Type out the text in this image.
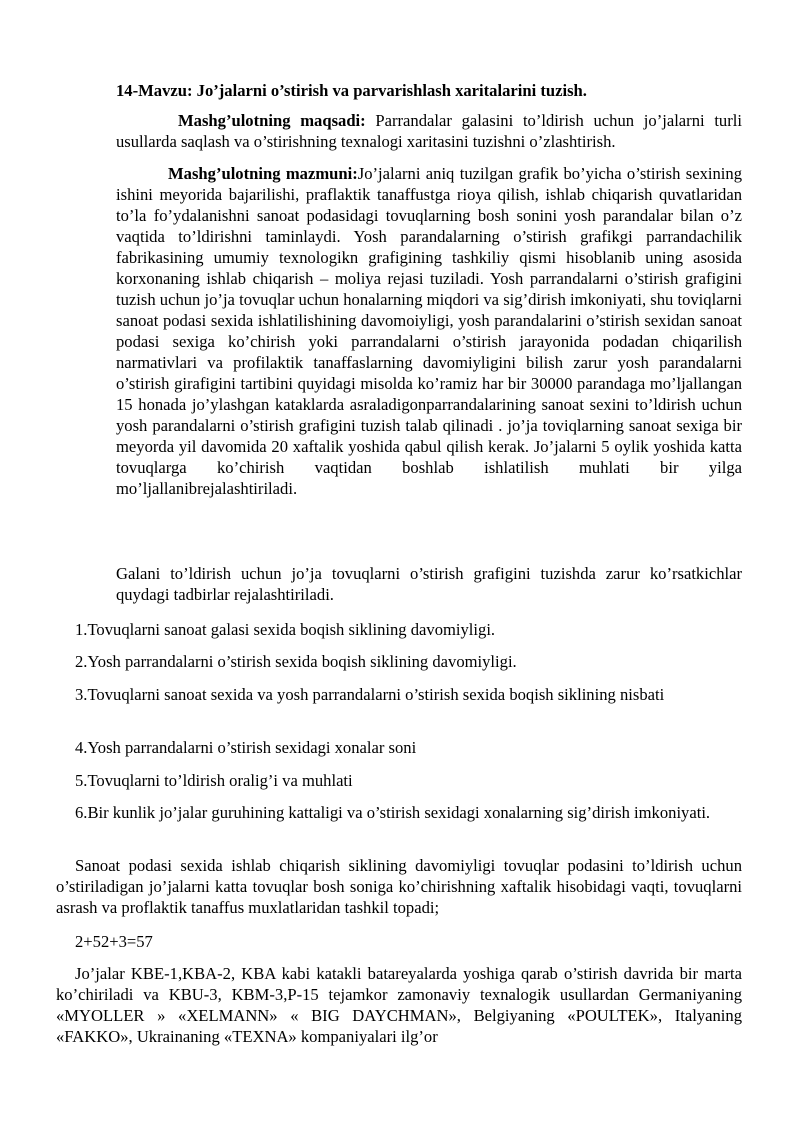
14-Mavzu: Jo’jalarni o’stirish va parvarishlash xaritalarini tuzish.

Mashg’ulotning maqsadi: Parrandalar galasini to’ldirish uchun jo’jalarni turli usullarda saqlash va o’stirishning texnalogi xaritasini tuzishni o’zlashtirish.

Mashg’ulotning mazmuni:Jo’jalarni aniq tuzilgan grafik bo’yicha o’stirish sexining ishini meyorida bajarilishi, praflaktik tanaffustga rioya qilish, ishlab chiqarish quvatlaridan to’la fo’ydalanishni sanoat podasidagi tovuqlarning bosh sonini yosh parandalar bilan o’z vaqtida to’ldirishni taminlaydi. Yosh parandalarning o’stirish grafikgi parrandachilik fabrikasining umumiy texnologikn grafigining tashkiliy qismi hisoblanib uning asosida korxonaning ishlab chiqarish – moliya rejasi tuziladi. Yosh parrandalarni o’stirish grafigini tuzish uchun jo’ja tovuqlar uchun honalarning miqdori va sig’dirish imkoniyati, shu toviqlarni sanoat podasi sexida ishlatilishining davomoiyligi, yosh parandalarini o’stirish sexidan sanoat podasi sexiga ko’chirish yoki parrandalarni o’stirish jarayonida podadan chiqarilish narmativlari va profilaktik tanaffaslarning davomiyligini bilish zarur yosh parandalarni o’stirish girafigini tartibini quyidagi misolda ko’ramiz har bir 30000 parandaga mo’ljallangan 15 honada jo’ylashgan kataklarda asraladigonparrandalarining sanoat sexini to’ldirish uchun yosh parandalarni o’stirish grafigini tuzish talab qilinadi . jo’ja toviqlarning sanoat sexiga bir meyorda yil davomida 20 xaftalik yoshida qabul qilish kerak. Jo’jalarni 5 oylik yoshida katta tovuqlarga ko’chirish vaqtidan boshlab ishlatilish muhlati bir yilga mo’ljallanibrejalashtiriladi.

Galani to’ldirish uchun jo’ja tovuqlarni o’stirish grafigini tuzishda zarur ko’rsatkichlar quydagi tadbirlar rejalashtiriladi.

1.Tovuqlarni sanoat galasi sexida boqish siklining davomiyligi.

2.Yosh parrandalarni o’stirish sexida boqish siklining davomiyligi.

3.Tovuqlarni sanoat sexida va yosh parrandalarni o’stirish sexida boqish siklining nisbati

4.Yosh parrandalarni o’stirish sexidagi xonalar soni

5.Tovuqlarni to’ldirish oralig’i va muhlati

6.Bir kunlik jo’jalar guruhining kattaligi va o’stirish sexidagi xonalarning sig’dirish imkoniyati.

Sanoat podasi sexida ishlab chiqarish siklining davomiyligi tovuqlar podasini to’ldirish uchun o’stiriladigan jo’jalarni katta tovuqlar bosh soniga ko’chirishning xaftalik hisobidagi vaqti, tovuqlarni asrash va proflaktik tanaffus muxlatlaridan tashkil topadi;

2+52+3=57

Jo’jalar KBE-1,KBA-2, KBA kabi katakli batareyalarda yoshiga qarab o’stirish davrida bir marta ko’chiriladi va KBU-3, KBM-3,P-15 tejamkor zamonaviy texnalogik usullardan Germaniyaning «MYOLLER » «XELMANN» « BIG DAYCHMAN», Belgiyaning «POULTEK», Italyaning «FAKKO», Ukrainaning «TEXNA» kompaniyalari ilg’or
